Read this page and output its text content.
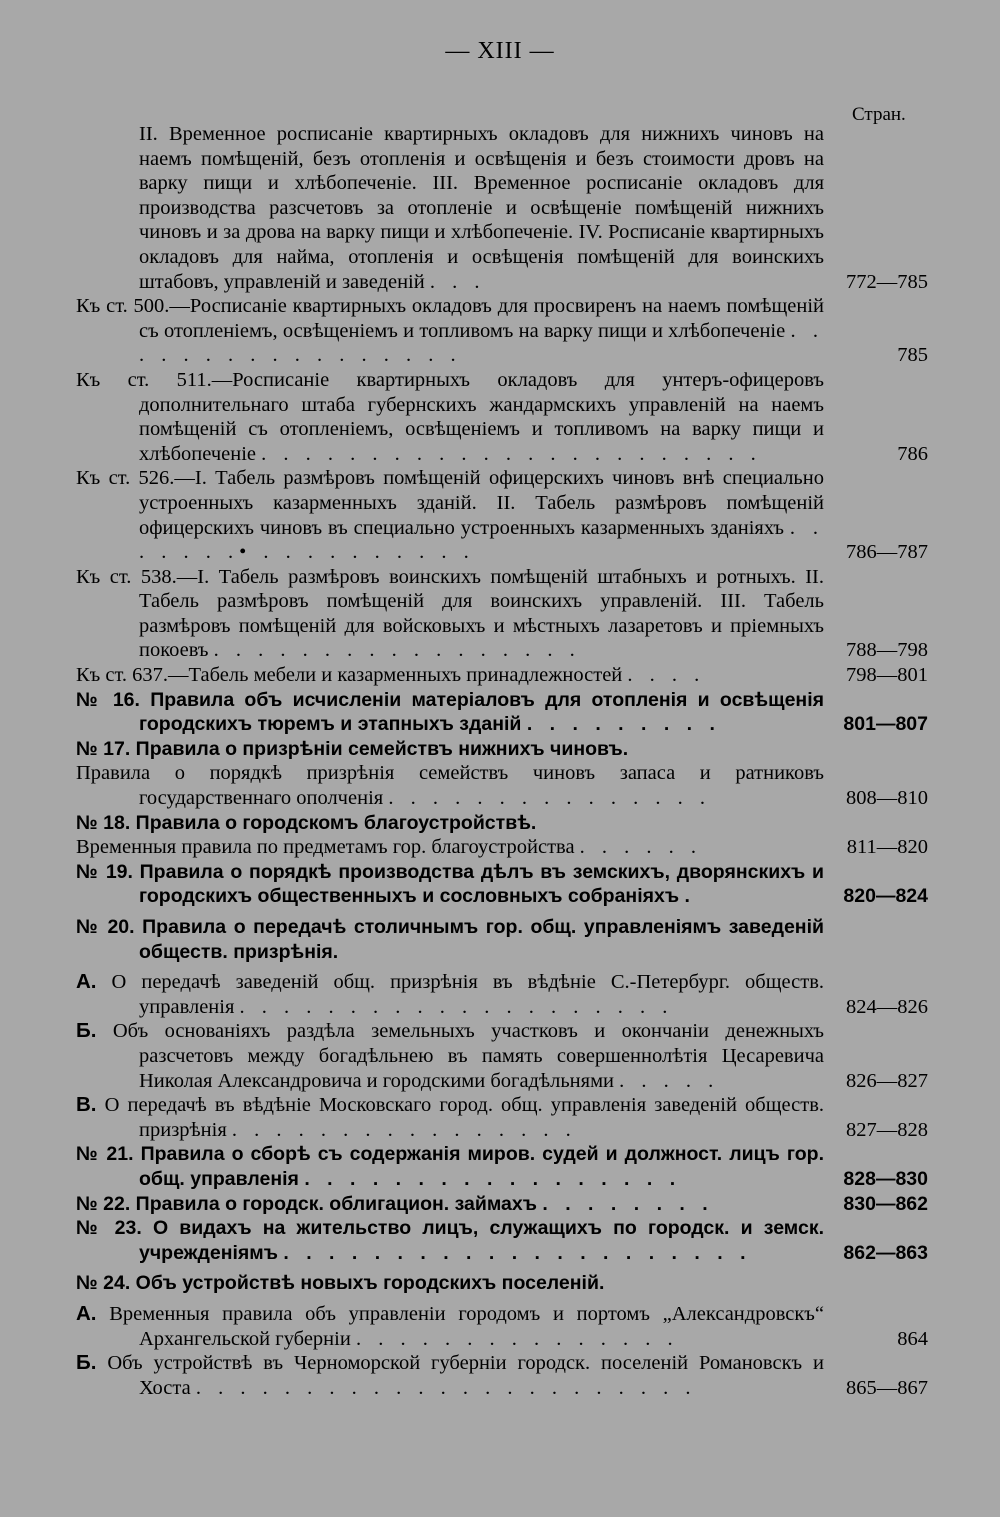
— XIII —
Стран.
II. Временное росписаніе квартирныхъ окладовъ для нижнихъ чиновъ на наемъ помѣщеній, безъ отопленія и освѣщенія и безъ стоимости дровъ на варку пищи и хлѣбопеченіе. III. Временное росписаніе окладовъ для производства разсчетовъ за отопленіе и освѣщеніе помѣщеній нижнихъ чиновъ и за дрова на варку пищи и хлѣбопеченіе. IV. Росписаніе квартирныхъ окладовъ для найма, отопленія и освѣщенія помѣщеній для воинскихъ штабовъ, управленій и заведеній . . .	772—785
Къ ст. 500.—Росписаніе квартирныхъ окладовъ для просвиренъ на наемъ помѣщеній съ отопленіемъ, освѣщеніемъ и топливомъ на варку пищи и хлѣбопеченіе . . . . . . . . . . . . . . . . .	785
Къ ст. 511.—Росписаніе квартирныхъ окладовъ для унтеръ-офицеровъ дополнительнаго штаба губернскихъ жандармскихъ управленій на наемъ помѣщеній съ отопленіемъ, освѣщеніемъ и топливомъ на варку пищи и хлѣбопеченіе . . . . . . . . . . . . . . . . . . . . . . .	786
Къ ст. 526.—I. Табель размѣровъ помѣщеній офицерскихъ чиновъ внѣ специально устроенныхъ казарменныхъ зданій. II. Табель размѣровъ помѣщеній офицерскихъ чиновъ въ специально устроенныхъ казарменныхъ зданіяхъ . . . . . . .• . . . . . . . . . .	786—787
Къ ст. 538.—I. Табель размѣровъ воинскихъ помѣщеній штабныхъ и ротныхъ. II. Табель размѣровъ помѣщеній для воинскихъ управленій. III. Табель размѣровъ помѣщеній для войсковыхъ и мѣстныхъ лазаретовъ и пріемныхъ покоевъ . . . . . . . . . . . . . . . . .	788—798
Къ ст. 637.—Табель мебели и казарменныхъ принадлежностей . . . .	798—801
№ 16. Правила объ исчисленіи матеріаловъ для отопленія и освѣщенія городскихъ тюремъ и этапныхъ зданій . . . . . . . . .	801—807
№ 17. Правила о призрѣніи семействъ нижнихъ чиновъ.
Правила о порядкѣ призрѣнія семействъ чиновъ запаса и ратниковъ государственнаго ополченія . . . . . . . . . . . . . . .	808—810
№ 18. Правила о городскомъ благоустройствѣ.
Временныя правила по предметамъ гор. благоустройства . . . . . .	811—820
№ 19. Правила о порядкѣ производства дѣлъ въ земскихъ, дворянскихъ и городскихъ общественныхъ и сословныхъ собраніяхъ .	820—824
№ 20. Правила о передачѣ столичнымъ гор. общ. управленіямъ заведеній обществ. призрѣнія.
А. О передачѣ заведеній общ. призрѣнія въ вѣдѣніе С.-Петербург. обществ. управленія . . . . . . . . . . . . . . . . . . . .	824—826
Б. Объ основаніяхъ раздѣла земельныхъ участковъ и окончаніи денежныхъ разсчетовъ между богадѣльнею въ память совершеннолѣтія Цесаревича Николая Александровича и городскими богадѣльнями . . . . .	826—827
В. О передачѣ въ вѣдѣніе Московскаго город. общ. управленія заведеній обществ. призрѣнія . . . . . . . . . . . . . . . .	827—828
№ 21. Правила о сборѣ съ содержанія миров. судей и должност. лицъ гор. общ. управленія . . . . . . . . . . . . . . . . .	828—830
№ 22. Правила о городск. облигацион. займахъ . . . . . . . .	830—862
№ 23. О видахъ на жительство лицъ, служащихъ по городск. и земск. учрежденіямъ . . . . . . . . . . . . . . . . . . . . .	862—863
№ 24. Объ устройствѣ новыхъ городскихъ поселеній.
А. Временныя правила объ управленіи городомъ и портомъ „Александровскъ“ Архангельской губерніи . . . . . . . . . . . . . . .	864
Б. Объ устройствѣ въ Черноморской губерніи городск. поселеній Романовскъ и Хоста . . . . . . . . . . . . . . . . . . . . . . .	865—867
